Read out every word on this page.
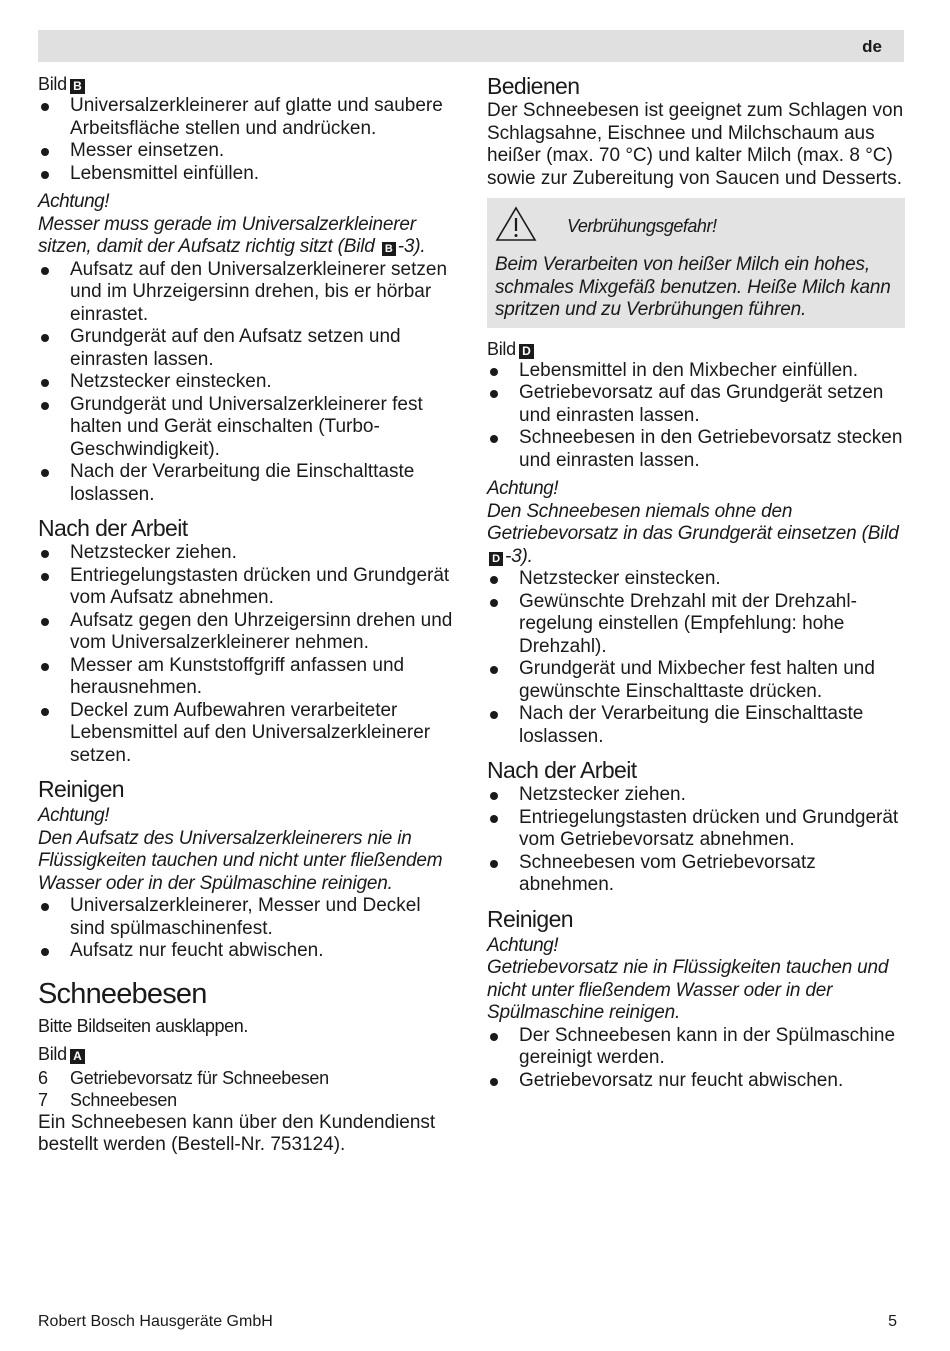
de
Bild B
Universalzerkleinerer auf glatte und saubere Arbeitsfläche stellen und andrücken.
Messer einsetzen.
Lebensmittel einfüllen.
Achtung!
Messer muss gerade im Universalzerkleinerer sitzen, damit der Aufsatz richtig sitzt (Bild B -3).
Aufsatz auf den Universalzerkleinerer setzen und im Uhrzeigersinn drehen, bis er hörbar einrastet.
Grundgerät auf den Aufsatz setzen und einrasten lassen.
Netzstecker einstecken.
Grundgerät und Universalzerkleinerer fest halten und Gerät einschalten (Turbo-Geschwindigkeit).
Nach der Verarbeitung die Einschalttaste loslassen.
Nach der Arbeit
Netzstecker ziehen.
Entriegelungstasten drücken und Grundgerät vom Aufsatz abnehmen.
Aufsatz gegen den Uhrzeigersinn drehen und vom Universalzerkleinerer nehmen.
Messer am Kunststoffgriff anfassen und herausnehmen.
Deckel zum Aufbewahren verarbeiteter Lebensmittel auf den Universalzerkleinerer setzen.
Reinigen
Achtung!
Den Aufsatz des Universalzerkleinerers nie in Flüssigkeiten tauchen und nicht unter fließendem Wasser oder in der Spülmaschine reinigen.
Universalzerkleinerer, Messer und Deckel sind spülmaschinenfest.
Aufsatz nur feucht abwischen.
Schneebesen
Bitte Bildseiten ausklappen.
Bild A
6 Getriebevorsatz für Schneebesen
7 Schneebesen
Ein Schneebesen kann über den Kundendienst bestellt werden (Bestell-Nr. 753124).
Bedienen
Der Schneebesen ist geeignet zum Schlagen von Schlagsahne, Eischnee und Milchschaum aus heißer (max. 70 °C) und kalter Milch (max. 8 °C) sowie zur Zubereitung von Saucen und Desserts.
Verbrühungsgefahr!
Beim Verarbeiten von heißer Milch ein hohes, schmales Mixgefäß benutzen. Heiße Milch kann spritzen und zu Verbrühungen führen.
Bild D
Lebensmittel in den Mixbecher einfüllen.
Getriebevorsatz auf das Grundgerät setzen und einrasten lassen.
Schneebesen in den Getriebevorsatz stecken und einrasten lassen.
Achtung!
Den Schneebesen niemals ohne den Getriebevorsatz in das Grundgerät einsetzen (Bild D -3).
Netzstecker einstecken.
Gewünschte Drehzahl mit der Drehzahlregelung einstellen (Empfehlung: hohe Drehzahl).
Grundgerät und Mixbecher fest halten und gewünschte Einschalttaste drücken.
Nach der Verarbeitung die Einschalttaste loslassen.
Nach der Arbeit
Netzstecker ziehen.
Entriegelungstasten drücken und Grundgerät vom Getriebevorsatz abnehmen.
Schneebesen vom Getriebevorsatz abnehmen.
Reinigen
Achtung!
Getriebevorsatz nie in Flüssigkeiten tauchen und nicht unter fließendem Wasser oder in der Spülmaschine reinigen.
Der Schneebesen kann in der Spülmaschine gereinigt werden.
Getriebevorsatz nur feucht abwischen.
Robert Bosch Hausgeräte GmbH	5
